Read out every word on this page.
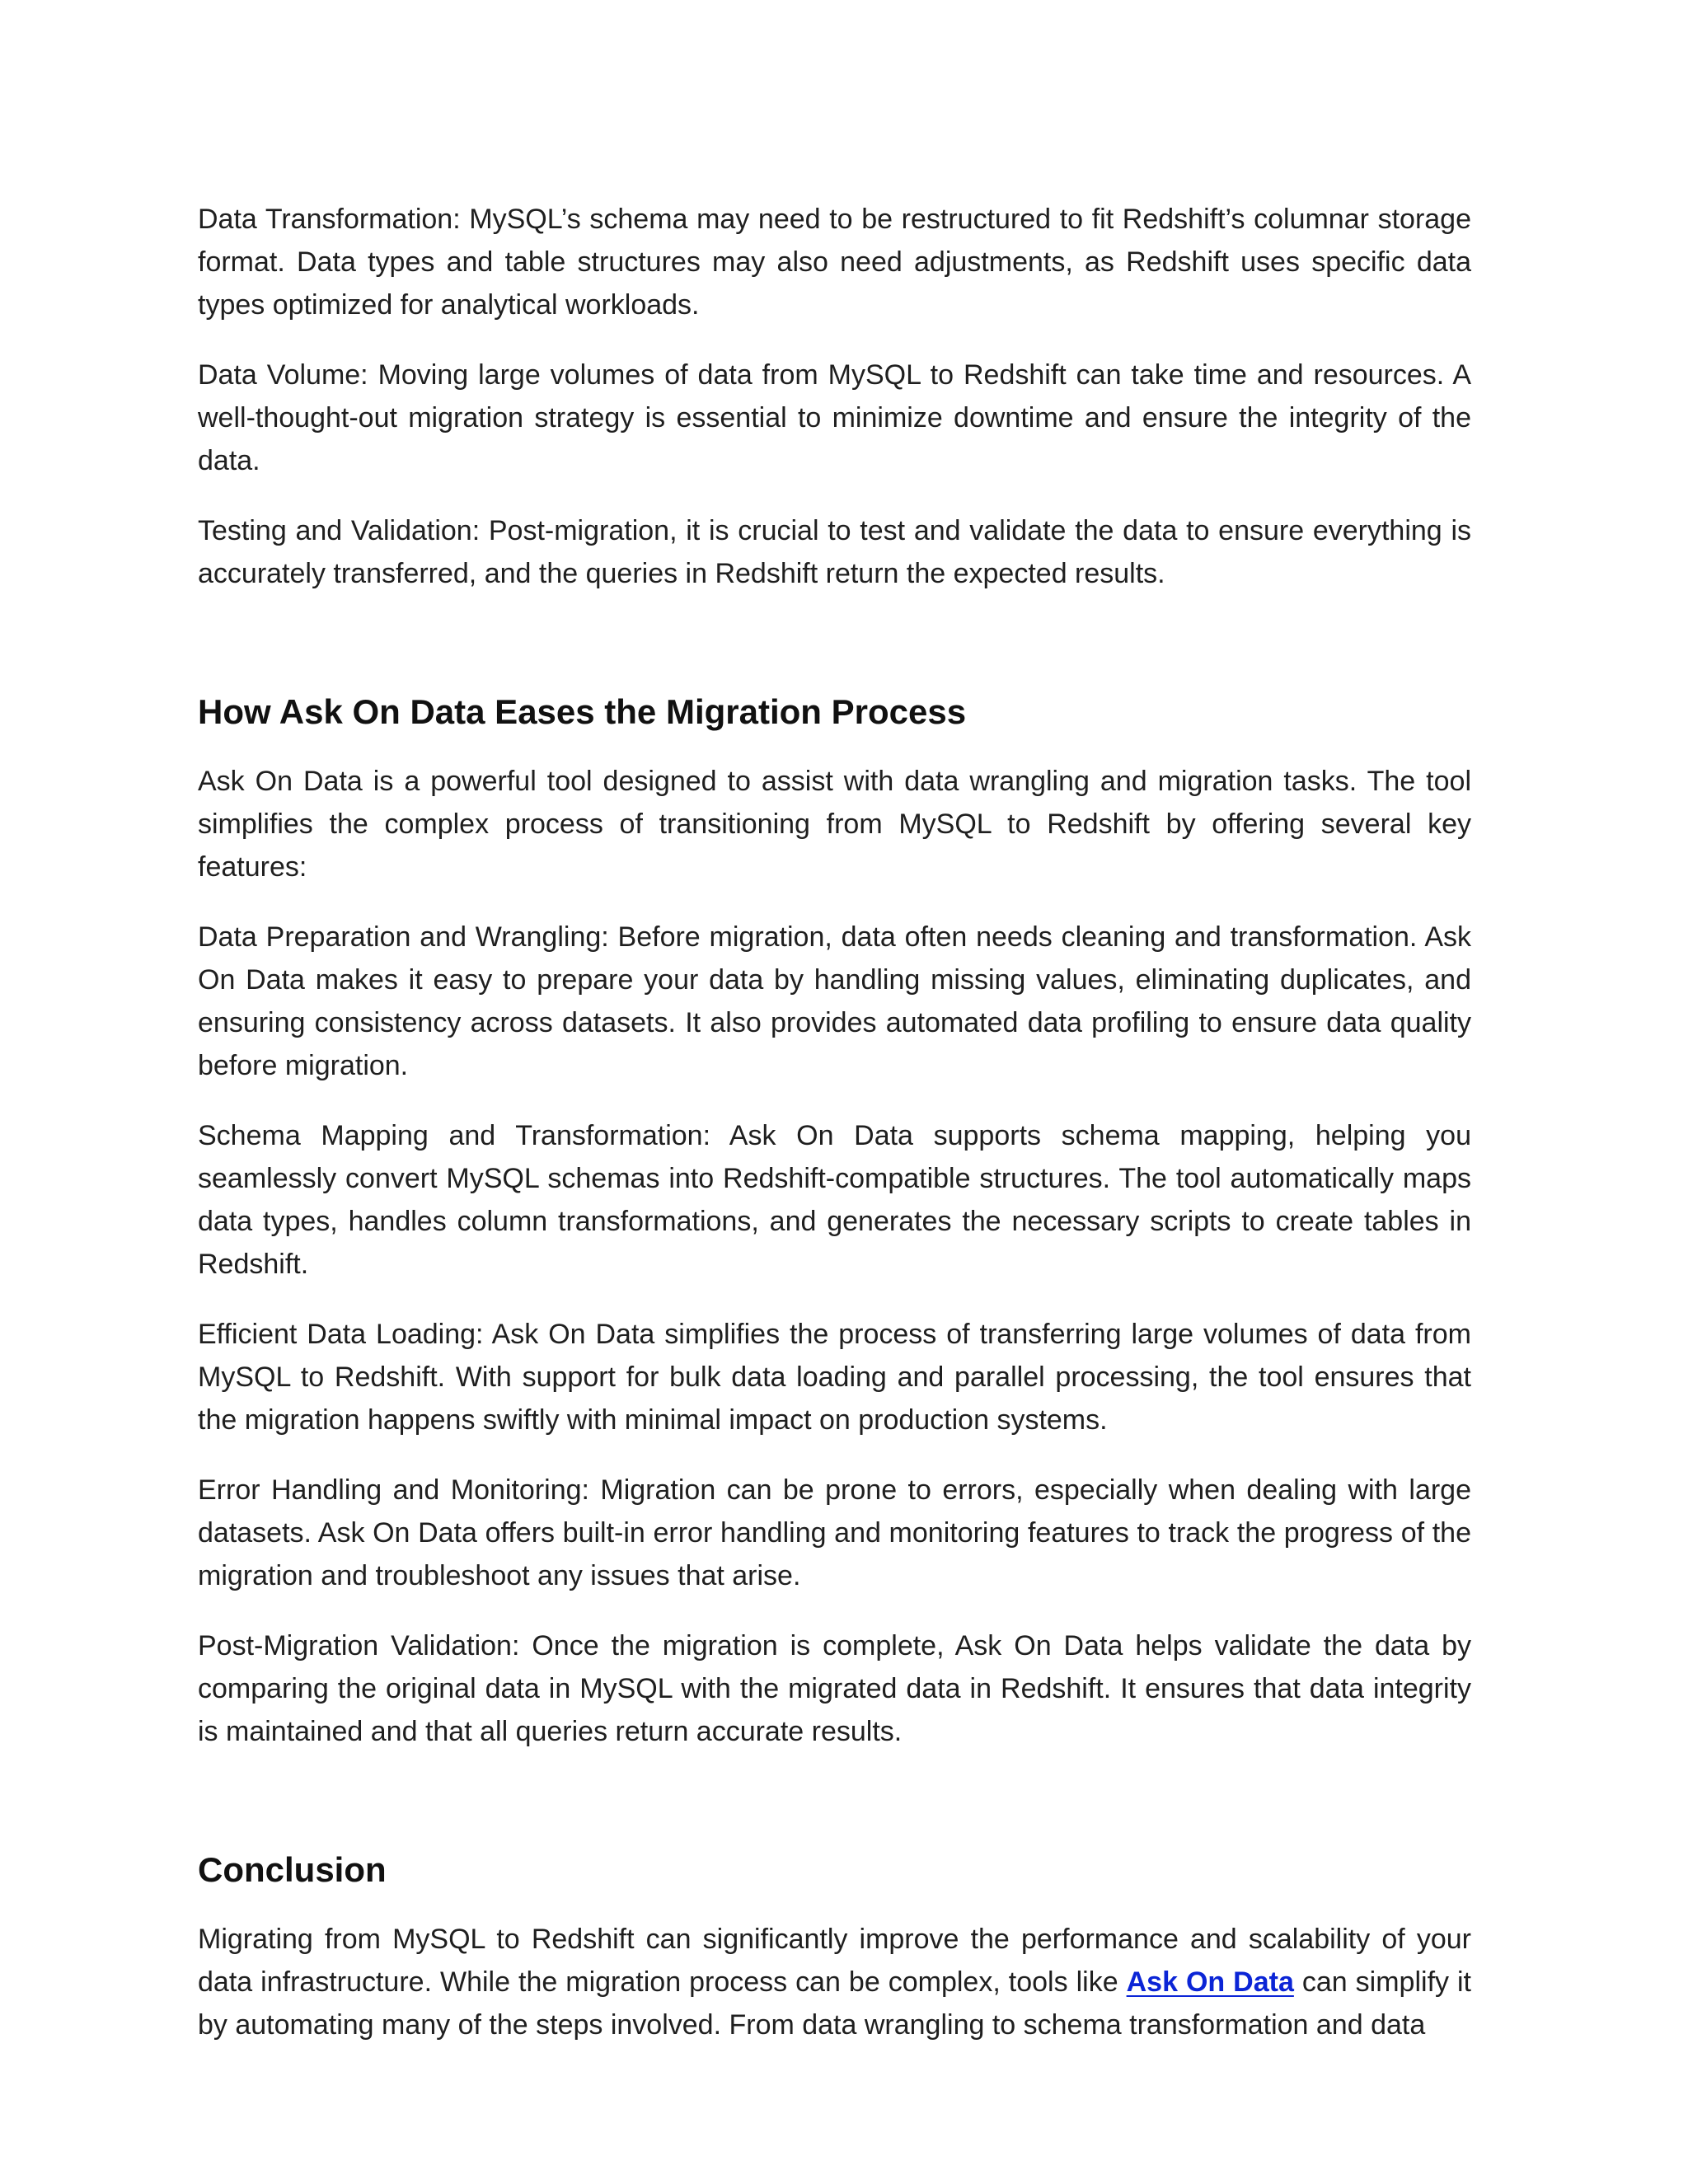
Data Transformation: MySQL’s schema may need to be restructured to fit Redshift’s columnar storage format. Data types and table structures may also need adjustments, as Redshift uses specific data types optimized for analytical workloads.

Data Volume: Moving large volumes of data from MySQL to Redshift can take time and resources. A well-thought-out migration strategy is essential to minimize downtime and ensure the integrity of the data.

Testing and Validation: Post-migration, it is crucial to test and validate the data to ensure everything is accurately transferred, and the queries in Redshift return the expected results.

How Ask On Data Eases the Migration Process

Ask On Data is a powerful tool designed to assist with data wrangling and migration tasks. The tool simplifies the complex process of transitioning from MySQL to Redshift by offering several key features:

Data Preparation and Wrangling: Before migration, data often needs cleaning and transformation. Ask On Data makes it easy to prepare your data by handling missing values, eliminating duplicates, and ensuring consistency across datasets. It also provides automated data profiling to ensure data quality before migration.

Schema Mapping and Transformation: Ask On Data supports schema mapping, helping you seamlessly convert MySQL schemas into Redshift-compatible structures. The tool automatically maps data types, handles column transformations, and generates the necessary scripts to create tables in Redshift.

Efficient Data Loading: Ask On Data simplifies the process of transferring large volumes of data from MySQL to Redshift. With support for bulk data loading and parallel processing, the tool ensures that the migration happens swiftly with minimal impact on production systems.

Error Handling and Monitoring: Migration can be prone to errors, especially when dealing with large datasets. Ask On Data offers built-in error handling and monitoring features to track the progress of the migration and troubleshoot any issues that arise.

Post-Migration Validation: Once the migration is complete, Ask On Data helps validate the data by comparing the original data in MySQL with the migrated data in Redshift. It ensures that data integrity is maintained and that all queries return accurate results.

Conclusion

Migrating from MySQL to Redshift can significantly improve the performance and scalability of your data infrastructure. While the migration process can be complex, tools like Ask On Data can simplify it by automating many of the steps involved. From data wrangling to schema transformation and data
